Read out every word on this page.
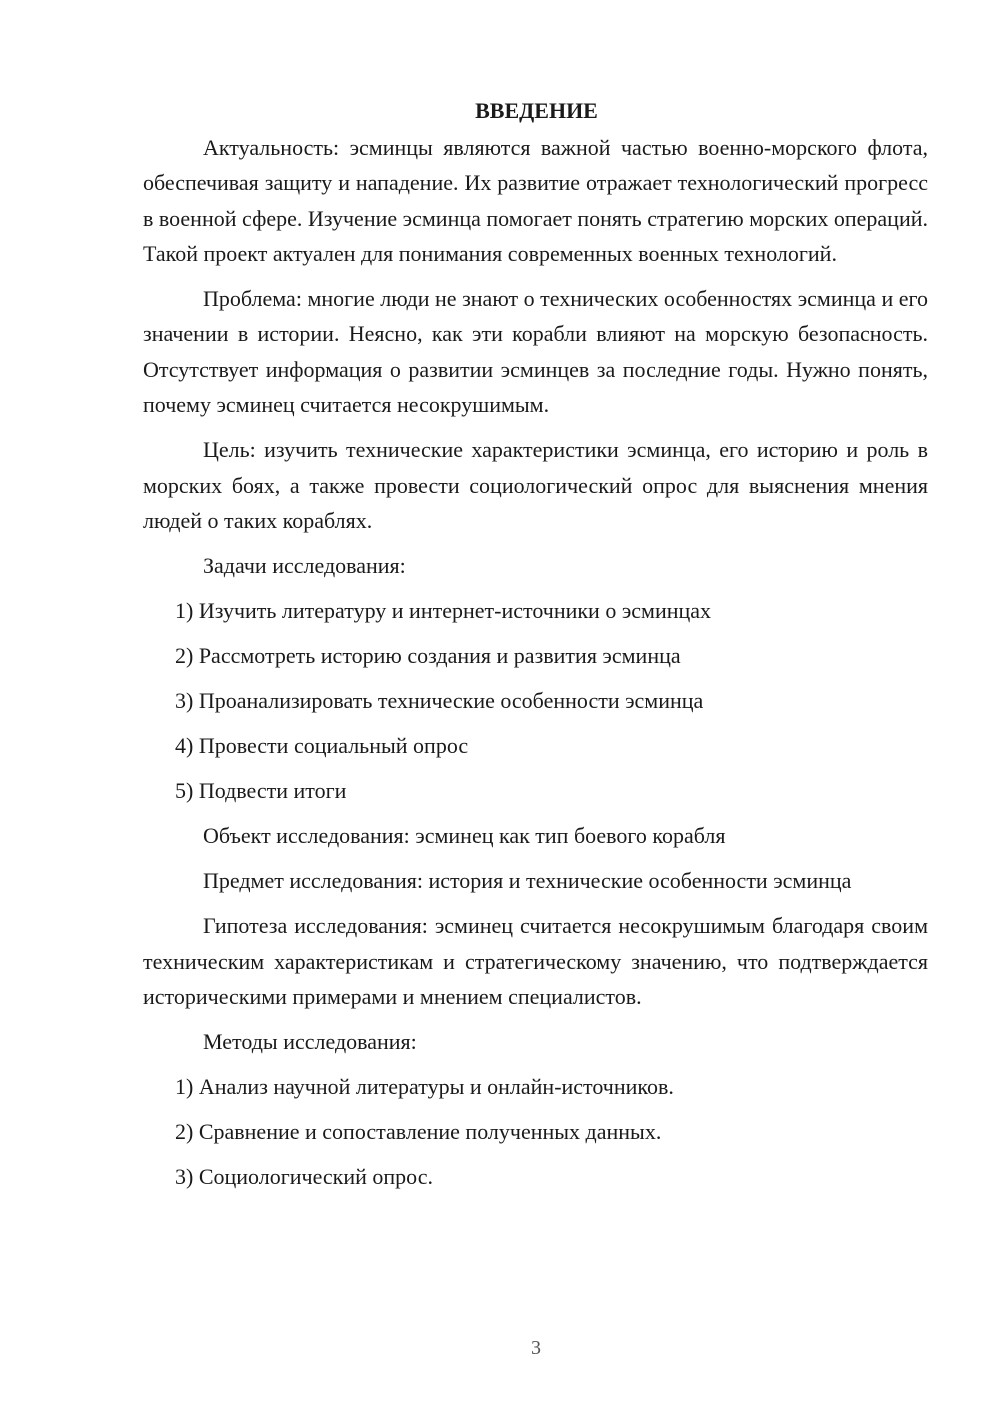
ВВЕДЕНИЕ

Актуальность: эсминцы являются важной частью военно-морского флота, обеспечивая защиту и нападение. Их развитие отражает технологический прогресс в военной сфере. Изучение эсминца помогает понять стратегию морских операций. Такой проект актуален для понимания современных военных технологий.

Проблема: многие люди не знают о технических особенностях эсминца и его значении в истории. Неясно, как эти корабли влияют на морскую безопасность. Отсутствует информация о развитии эсминцев за последние годы. Нужно понять, почему эсминец считается несокрушимым.

Цель: изучить технические характеристики эсминца, его историю и роль в морских боях, а также провести социологический опрос для выяснения мнения людей о таких кораблях.

Задачи исследования:

1) Изучить литературу и интернет-источники о эсминцах
2) Рассмотреть историю создания и развития эсминца
3) Проанализировать технические особенности эсминца
4) Провести социальный опрос
5) Подвести итоги

Объект исследования: эсминец как тип боевого корабля

Предмет исследования: история и технические особенности эсминца

Гипотеза исследования: эсминец считается несокрушимым благодаря своим техническим характеристикам и стратегическому значению, что подтверждается историческими примерами и мнением специалистов.

Методы исследования:

1) Анализ научной литературы и онлайн-источников.
2) Сравнение и сопоставление полученных данных.
3) Социологический опрос.
3
